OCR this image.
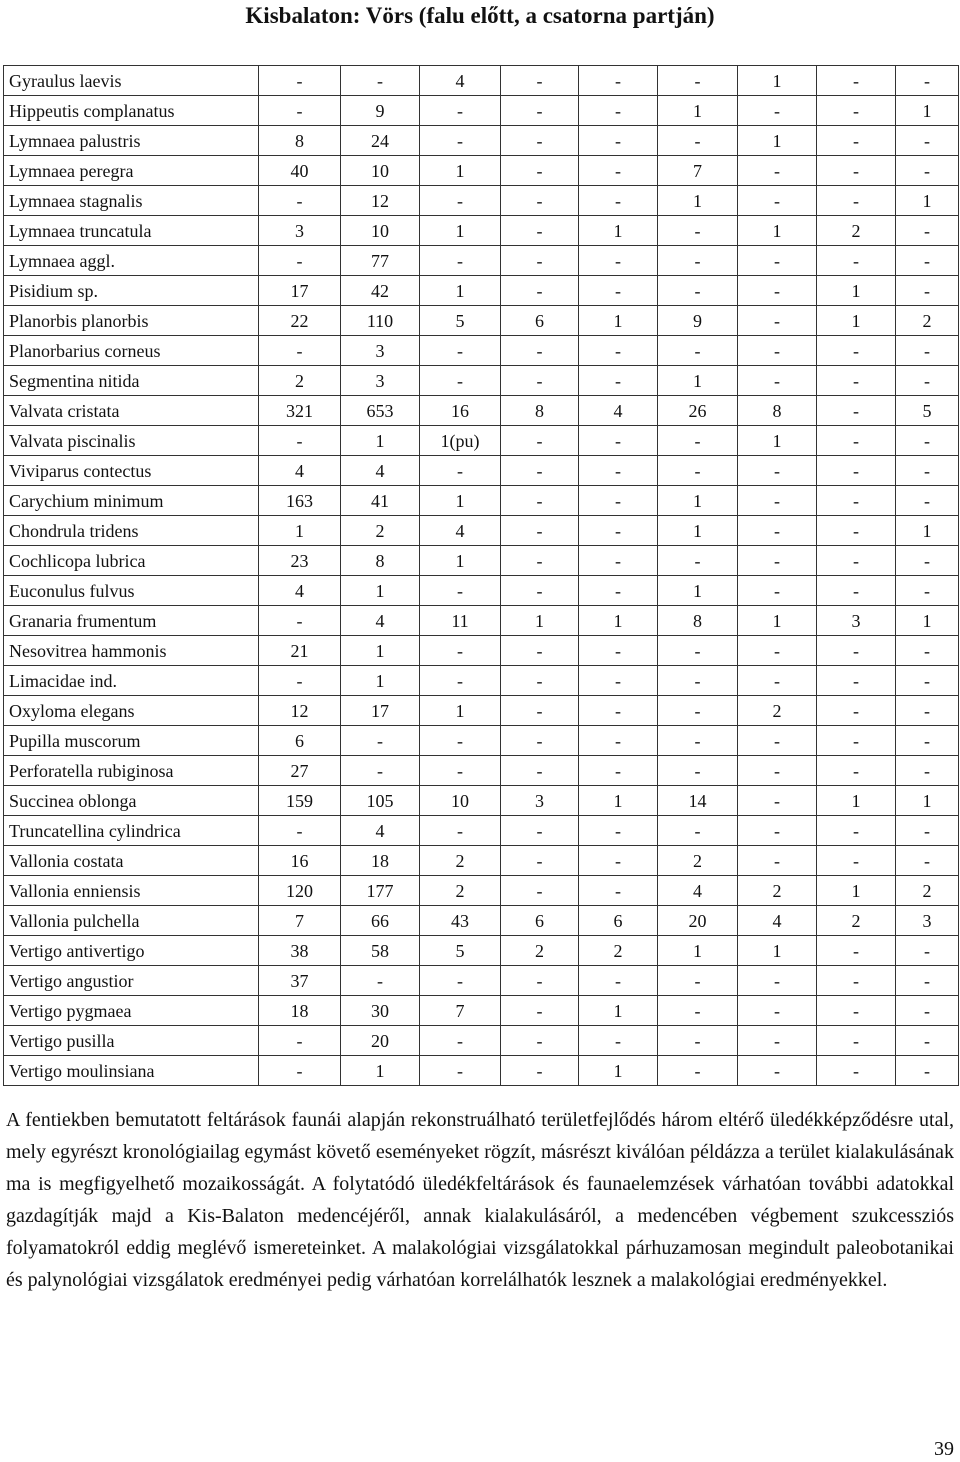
Kisbalaton: Vörs (falu előtt, a csatorna partján)
Gyraulus laevis	-	-	4	-	-	-	1	-	-
Hippeutis complanatus	-	9	-	-	-	1	-	-	1
Lymnaea palustris	8	24	-	-	-	-	1	-	-
Lymnaea peregra	40	10	1	-	-	7	-	-	-
Lymnaea stagnalis	-	12	-	-	-	1	-	-	1
Lymnaea truncatula	3	10	1	-	1	-	1	2	-
Lymnaea aggl.	-	77	-	-	-	-	-	-	-
Pisidium sp.	17	42	1	-	-	-	-	1	-
Planorbis planorbis	22	110	5	6	1	9	-	1	2
Planorbarius corneus	-	3	-	-	-	-	-	-	-
Segmentina nitida	2	3	-	-	-	1	-	-	-
Valvata cristata	321	653	16	8	4	26	8	-	5
Valvata piscinalis	-	1	1(pu)	-	-	-	1	-	-
Viviparus contectus	4	4	-	-	-	-	-	-	-
Carychium minimum	163	41	1	-	-	1	-	-	-
Chondrula tridens	1	2	4	-	-	1	-	-	1
Cochlicopa lubrica	23	8	1	-	-	-	-	-	-
Euconulus fulvus	4	1	-	-	-	1	-	-	-
Granaria frumentum	-	4	11	1	1	8	1	3	1
Nesovitrea hammonis	21	1	-	-	-	-	-	-	-
Limacidae ind.	-	1	-	-	-	-	-	-	-
Oxyloma elegans	12	17	1	-	-	-	2	-	-
Pupilla muscorum	6	-	-	-	-	-	-	-	-
Perforatella rubiginosa	27	-	-	-	-	-	-	-	-
Succinea oblonga	159	105	10	3	1	14	-	1	1
Truncatellina cylindrica	-	4	-	-	-	-	-	-	-
Vallonia costata	16	18	2	-	-	2	-	-	-
Vallonia enniensis	120	177	2	-	-	4	2	1	2
Vallonia pulchella	7	66	43	6	6	20	4	2	3
Vertigo antivertigo	38	58	5	2	2	1	1	-	-
Vertigo angustior	37	-	-	-	-	-	-	-	-
Vertigo pygmaea	18	30	7	-	1	-	-	-	-
Vertigo pusilla	-	20	-	-	-	-	-	-	-
Vertigo moulinsiana	-	1	-	-	1	-	-	-	-

A fentiekben bemutatott feltárások faunái alapján rekonstruálható területfejlődés három eltérő üledékképződésre utal, mely egyrészt kronológiailag egymást követő eseményeket rögzít, másrészt kiválóan példázza a terület kialakulásának ma is megfigyelhető mozaikosságát. A folytatódó üledékfeltárások és faunaelemzések várhatóan további adatokkal gazdagítják majd a Kis-Balaton medencéjéről, annak kialakulásáról, a medencében végbement szukcessziós folyamatokról eddig meglévő ismereteinket. A malakológiai vizsgálatokkal párhuzamosan megindult paleobotanikai és palynológiai vizsgálatok eredményei pedig várhatóan korrelálhatók lesznek a malakológiai eredményekkel.

39
